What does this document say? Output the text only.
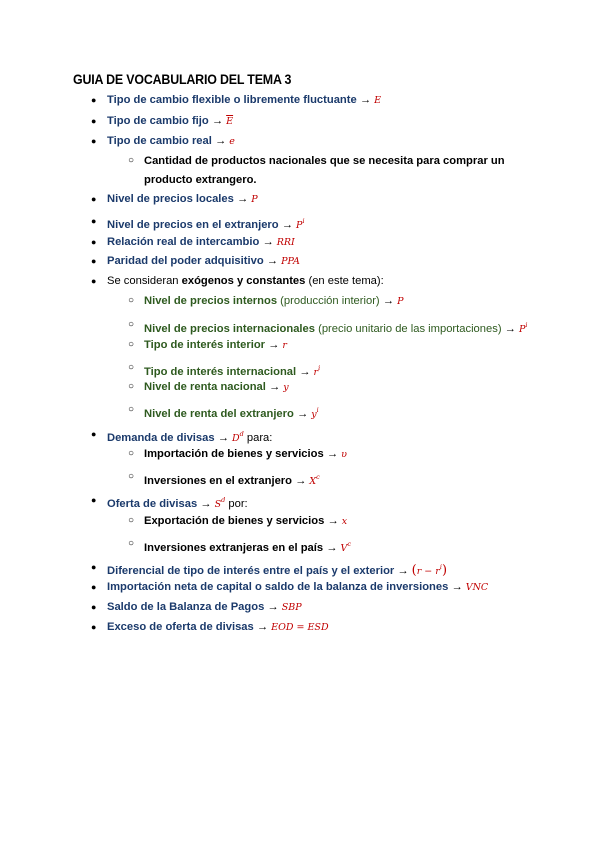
GUIA DE VOCABULARIO DEL TEMA 3
● Tipo de cambio flexible o libremente fluctuante → E
● Tipo de cambio fijo → $\overline{E}$
● Tipo de cambio real → e
○ Cantidad de productos nacionales que se necesita para comprar un
producto extrangero.
● Nivel de precios locales → P
● Nivel de precios en el extranjero → $P^i$
● Relación real de intercambio → RRI
● Paridad del poder adquisitivo → PPA
● Se consideran exógenos y constantes (en este tema):
○ Nivel de precios internos (producción interior) → P
○ Nivel de precios internacionales (precio unitario de las importaciones) → $P^i$
○ Tipo de interés interior → r
○ Tipo de interés internacional → $r^i$
○ Nivel de renta nacional → y
○ Nivel de renta del extranjero → $y^i$
● Demanda de divisas → $D^d$ para:
○ Importación de bienes y servicios → υ
○ Inversiones en el extranjero → $X^c$
● Oferta de divisas → $S^d$ por:
○ Exportación de bienes y servicios → x
○ Inversiones extranjeras en el país → $V^c$
● Diferencial de tipo de interés entre el país y el exterior → $(r - r^i)$
● Importación neta de capital o saldo de la balanza de inversiones → VNC
● Saldo de la Balanza de Pagos → SBP
● Exceso de oferta de divisas → EOD = ESD
